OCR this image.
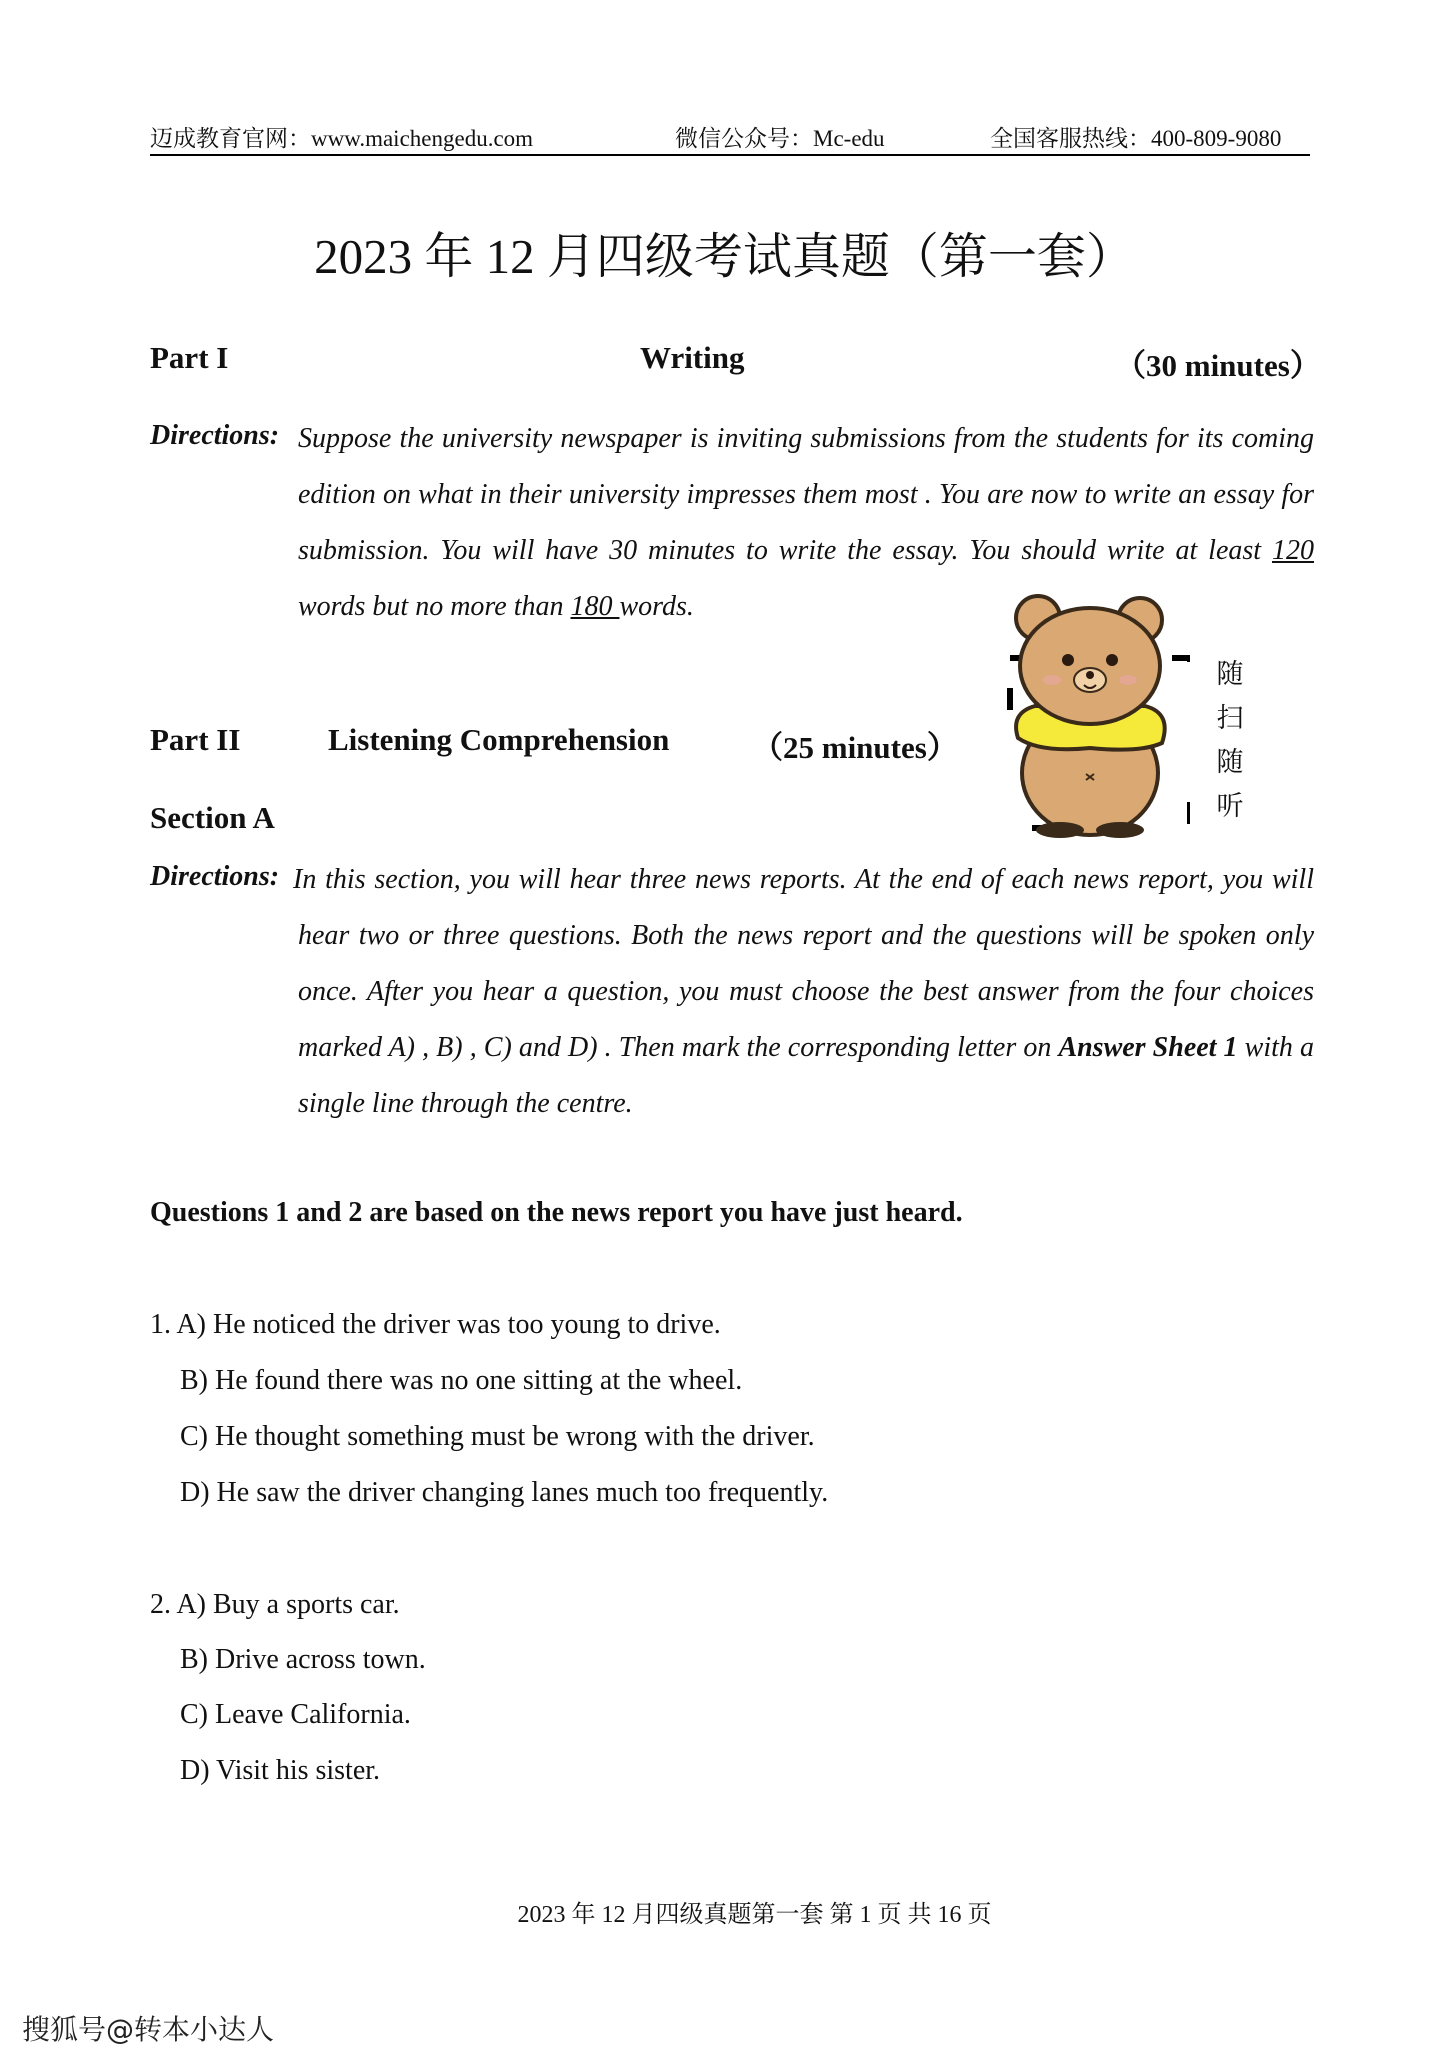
迈成教育官网：www.maichengedu.com	微信公众号：Mc-edu	全国客服热线：400-809-9080
2023 年 12 月四级考试真题（第一套）
Part I	Writing	（30 minutes）
Directions: Suppose the university newspaper is inviting submissions from the students for its coming edition on what in their university impresses them most . You are now to write an essay for submission. You will have 30 minutes to write the essay. You should write at least 120 words but no more than 180 words.
随
扫
随
听
Part II	Listening Comprehension	（25 minutes）
Section A
Directions: In this section, you will hear three news reports. At the end of each news report, you will hear two or three questions. Both the news report and the questions will be spoken only once. After you hear a question, you must choose the best answer from the four choices marked A) , B) , C) and D) . Then mark the corresponding letter on Answer Sheet 1 with a single line through the centre.
Questions 1 and 2 are based on the news report you have just heard.
1. A) He noticed the driver was too young to drive.
B) He found there was no one sitting at the wheel.
C) He thought something must be wrong with the driver.
D) He saw the driver changing lanes much too frequently.
2. A) Buy a sports car.
B) Drive across town.
C) Leave California.
D) Visit his sister.
2023 年 12 月四级真题第一套 第 1 页 共 16 页
搜狐号@转本小达人
